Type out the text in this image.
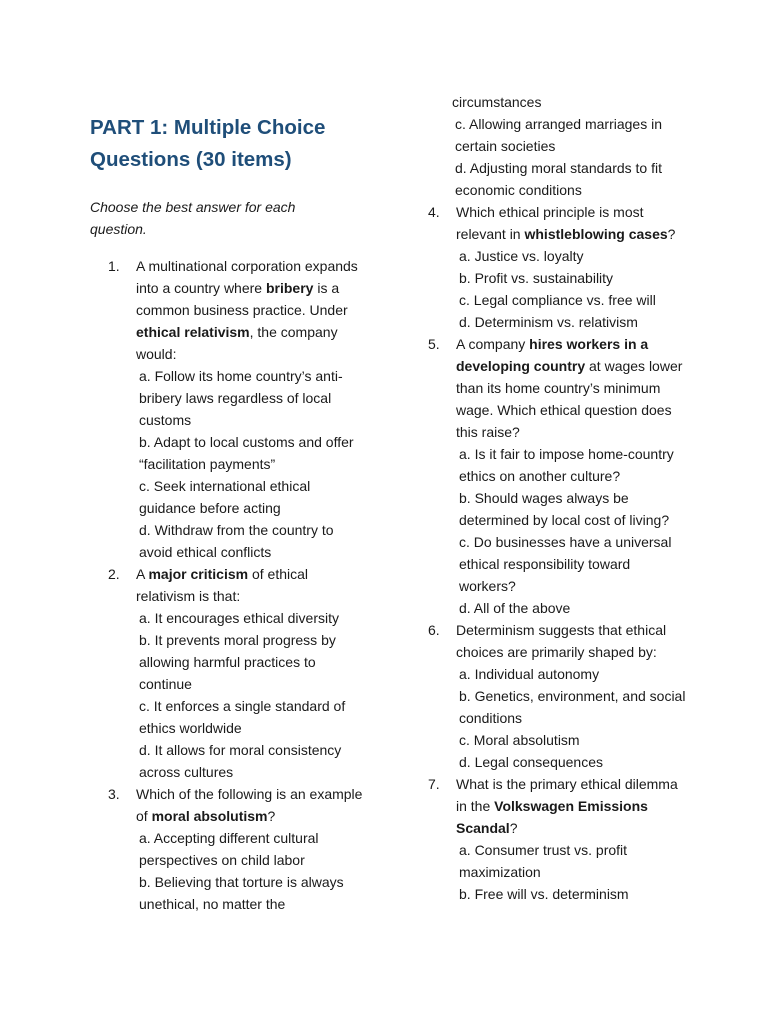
PART 1: Multiple Choice
Questions (30 items)
Choose the best answer for each question.
1.	A multinational corporation expands into a country where bribery is a common business practice. Under ethical relativism, the company would:
a. Follow its home country’s anti-bribery laws regardless of local customs
b. Adapt to local customs and offer “facilitation payments”
c. Seek international ethical guidance before acting
d. Withdraw from the country to avoid ethical conflicts
2.	A major criticism of ethical relativism is that:
a. It encourages ethical diversity
b. It prevents moral progress by allowing harmful practices to continue
c. It enforces a single standard of ethics worldwide
d. It allows for moral consistency across cultures
3.	Which of the following is an example of moral absolutism?
a. Accepting different cultural perspectives on child labor
b. Believing that torture is always unethical, no matter the
circumstances
c. Allowing arranged marriages in certain societies
d. Adjusting moral standards to fit economic conditions
4.	Which ethical principle is most relevant in whistleblowing cases?
a. Justice vs. loyalty
b. Profit vs. sustainability
c. Legal compliance vs. free will
d. Determinism vs. relativism
5.	A company hires workers in a developing country at wages lower than its home country’s minimum wage. Which ethical question does this raise?
a. Is it fair to impose home-country ethics on another culture?
b. Should wages always be determined by local cost of living?
c. Do businesses have a universal ethical responsibility toward workers?
d. All of the above
6.	Determinism suggests that ethical choices are primarily shaped by:
a. Individual autonomy
b. Genetics, environment, and social conditions
c. Moral absolutism
d. Legal consequences
7.	What is the primary ethical dilemma in the Volkswagen Emissions Scandal?
a. Consumer trust vs. profit maximization
b. Free will vs. determinism
